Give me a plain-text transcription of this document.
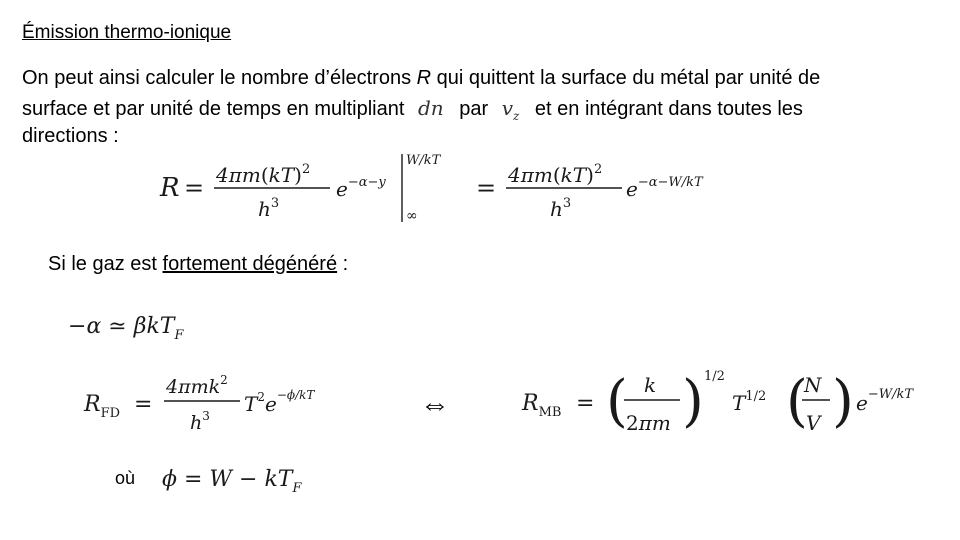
Émission thermo-ionique
On peut ainsi calculer le nombre d’électrons R qui quittent la surface du métal par unité de
surface et par unité de temps en multipliant dn par $v_z$ et en intégrant dans toutes les
directions :
R = 4πm(kT)$^2$
$h^3$
$e^{-\alpha-y}$
W/kT
∞
= 4πm(kT)$^2$
$h^3$
$e^{-\alpha-W/kT}$
Si le gaz est fortement dégénéré :
−α ≃ βkT$_F$
$R_{FD}$ =
4πmk$^2$
$h^3$ $T^2e^{-\phi/kT}$	⇔	$R_{MB}$ = ( k
2πm ) 1/2
$T^{1/2}$ (
N
V ) $e^{-W/kT}$
où $\phi = W - kT_F$
